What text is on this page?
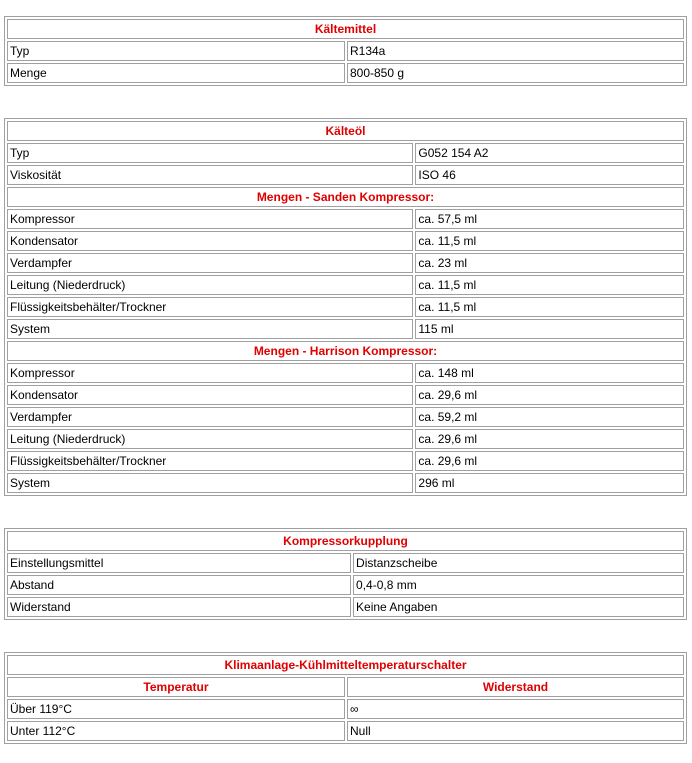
Kältemittel	
Typ	R134a
Menge	800-850 g
Kälteöl	
Typ	G052 154 A2
Viskosität	ISO 46
Mengen - Sanden Kompressor:	
Kompressor	ca. 57,5 ml
Kondensator	ca. 11,5 ml
Verdampfer	ca. 23 ml
Leitung (Niederdruck)	ca. 11,5 ml
Flüssigkeitsbehälter/Trockner	ca. 11,5 ml
System	115 ml
Mengen - Harrison Kompressor:	
Kompressor	ca. 148 ml
Kondensator	ca. 29,6 ml
Verdampfer	ca. 59,2 ml
Leitung (Niederdruck)	ca. 29,6 ml
Flüssigkeitsbehälter/Trockner	ca. 29,6 ml
System	296 ml
Kompressorkupplung	
Einstellungsmittel	Distanzscheibe
Abstand	0,4-0,8 mm
Widerstand	Keine Angaben
Klimaanlage-Kühlmitteltemperaturschalter	
Temperatur	Widerstand
Über 119°C	∞
Unter 112°C	Null
